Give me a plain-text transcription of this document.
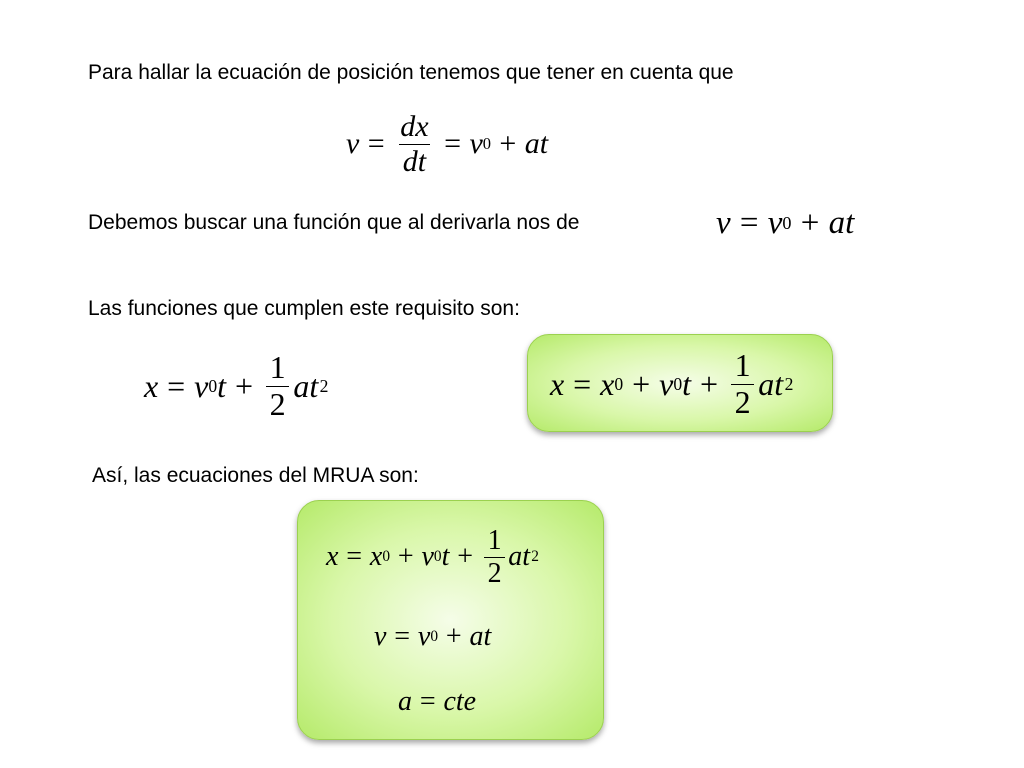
Para hallar la ecuación de posición tenemos que tener en cuenta que
Debemos buscar una función que al derivarla nos de
Las funciones que cumplen este requisito son:
Así, las ecuaciones del MRUA son:
$v = \frac{dx}{dt} = v$ 0 + at
v = v 0 + at
x = v 0 $t + \frac{1}{2}$ at 2	x = x 0 + v 0 $t + \frac{1}{2}$ at 2
x = x 0 + v 0 $t + \frac{1}{2}$ at 2
v = v 0 + at
a = cte
